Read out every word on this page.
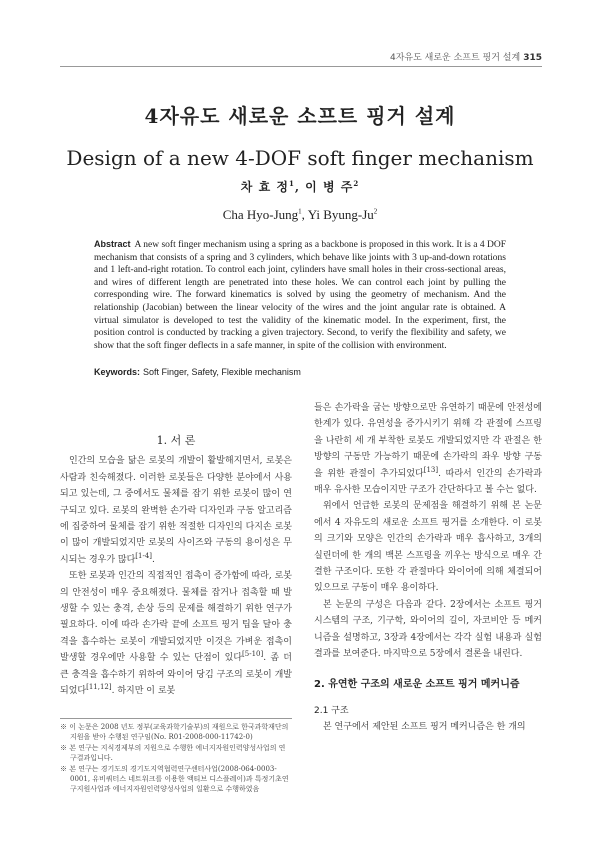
4자유도 새로운 소프트 핑거 설계 315
4자유도 새로운 소프트 핑거 설계
Design of a new 4-DOF soft finger mechanism
차 효 정$^1$, 이 병 주$^2$
Cha Hyo-Jung$^1$, Yi Byung-Ju$^2$
Abstract A new soft finger mechanism using a spring as a backbone is proposed in this work. It is a 4 DOF mechanism that consists of a spring and 3 cylinders, which behave like joints with 3 up-and-down rotations and 1 left-and-right rotation. To control each joint, cylinders have small holes in their cross-sectional areas, and wires of different length are penetrated into these holes. We can control each joint by pulling the corresponding wire. The forward kinematics is solved by using the geometry of mechanism. And the relationship (Jacobian) between the linear velocity of the wires and the joint angular rate is obtained. A virtual simulator is developed to test the validity of the kinematic model. In the experiment, first, the position control is conducted by tracking a given trajectory. Second, to verify the flexibility and safety, we show that the soft finger deflects in a safe manner, in spite of the collision with environment.
Keywords: Soft Finger, Safety, Flexible mechanism
1. 서 론

인간의 모습을 닮은 로봇의 개발이 활발해지면서, 로봇은 사람과 친숙해졌다. 이러한 로봇들은 다양한 분야에서 사용되고 있는데, 그 중에서도 물체를 잡기 위한 로봇이 많이 연구되고 있다. 로봇의 완벽한 손가락 디자인과 구동 알고리즘에 집중하여 물체를 잡기 위한 적절한 디자인의 다지손 로봇이 많이 개발되었지만 로봇의 사이즈와 구동의 용이성은 무시되는 경우가 많다[1-4].

또한 로봇과 인간의 직접적인 접촉이 증가함에 따라, 로봇의 안전성이 매우 중요해졌다. 물체를 잡거나 접촉할 때 발생할 수 있는 충격, 손상 등의 문제를 해결하기 위한 연구가 필요하다. 이에 따라 손가락 끝에 소프트 핑거 팁을 달아 충격을 흡수하는 로봇이 개발되었지만 이것은 가벼운 접촉이 발생할 경우에만 사용할 수 있는 단점이 있다[5-10]. 좀 더 큰 충격을 흡수하기 위하여 와이어 당김 구조의 로봇이 개발되었다[11,12]. 하지만 이 로봇

※ 이 논문은 2008 년도 정부(교육과학기술부)의 재원으로 한국과학재단의 지원을 받아 수행된 연구임(No. R01-2008-000-11742-0)
※ 본 연구는 지식경제부의 지원으로 수행한 에너지자원인력양성사업의 연구결과입니다.
※ 본 연구는 경기도의 경기도지역협력연구센터사업(2008-064-0003-0001, 유비쿼터스 네트워크를 이용한 액티브 디스플레이)과 특정기초연구지원사업과 에너지자원인력양성사업의 일환으로 수행하였음

들은 손가락을 굽는 방향으로만 유연하기 때문에 안전성에 한계가 있다. 유연성을 증가시키기 위해 각 관절에 스프링을 나란히 세 개 부착한 로봇도 개발되었지만 각 관절은 한 방향의 구동만 가능하기 때문에 손가락의 좌우 방향 구동을 위한 관절이 추가되었다[13]. 따라서 인간의 손가락과 매우 유사한 모습이지만 구조가 간단하다고 볼 수는 없다.

위에서 언급한 로봇의 문제점을 해결하기 위해 본 논문에서 4 자유도의 새로운 소프트 핑거를 소개한다. 이 로봇의 크기와 모양은 인간의 손가락과 매우 흡사하고, 3개의 실린더에 한 개의 백본 스프링을 끼우는 방식으로 매우 간결한 구조이다. 또한 각 관절마다 와이어에 의해 체결되어 있으므로 구동이 매우 용이하다.

본 논문의 구성은 다음과 같다. 2장에서는 소프트 핑거 시스템의 구조, 기구학, 와이어의 길이, 자코비안 등 메커니즘을 설명하고, 3장과 4장에서는 각각 실험 내용과 실험 결과를 보여준다. 마지막으로 5장에서 결론을 내린다.

2. 유연한 구조의 새로운 소프트 핑거 메커니즘
2.1 구조

본 연구에서 제안된 소프트 핑거 메커니즘은 한 개의
